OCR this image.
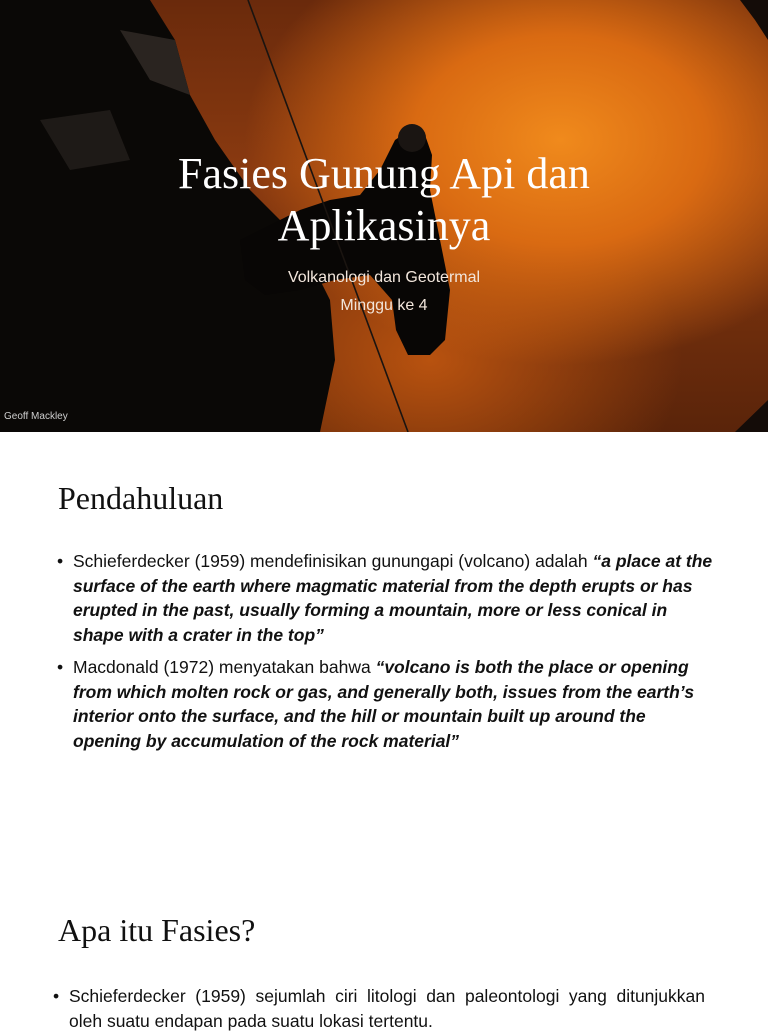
Fasies Gunung Api dan
Aplikasinya
Volkanologi dan Geotermal
Minggu ke 4
Geoff Mackley
Pendahuluan
• Schieferdecker (1959) mendefinisikan gunungapi (volcano) adalah “a place at the surface of the earth where magmatic material from the depth erupts or has erupted in the past, usually forming a mountain, more or less conical in shape with a crater in the top”
• Macdonald (1972) menyatakan bahwa “volcano is both the place or opening from which molten rock or gas, and generally both, issues from the earth’s interior onto the surface, and the hill or mountain built up around the opening by accumulation of the rock material”
Apa itu Fasies?
• Schieferdecker (1959) sejumlah ciri litologi dan paleontologi yang ditunjukkan oleh suatu endapan pada suatu lokasi tertentu.
